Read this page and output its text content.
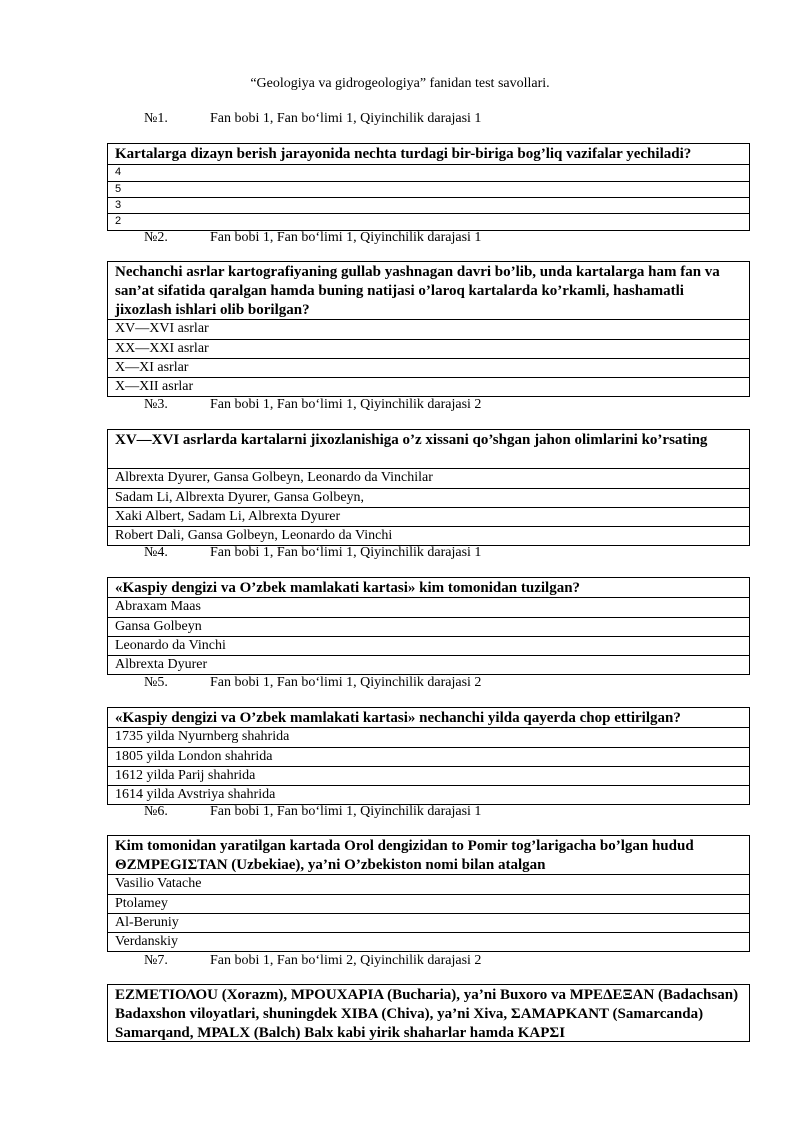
“Geologiya va gidrogeologiya” fanidan test savollari.
№1.	Fan bobi 1, Fan bo‘limi 1, Qiyinchilik darajasi 1
Kartalarga dizayn berish jarayonida nechta turdagi bir-biriga bog’liq vazifalar yechiladi?
4
5
3
2
№2.	Fan bobi 1, Fan bo‘limi 1, Qiyinchilik darajasi 1
Nechanchi asrlar kartografiyaning gullab yashnagan davri bo’lib, unda kartalarga ham fan va san’at sifatida qaralgan hamda buning natijasi o’laroq kartalarda ko’rkamli, hashamatli jixozlash ishlari olib borilgan?
XV—XVI asrlar
XX—XXI asrlar
X—XI asrlar
X—XII asrlar
№3.	Fan bobi 1, Fan bo‘limi 1, Qiyinchilik darajasi 2
XV—XVI asrlarda kartalarni jixozlanishiga o’z xissani qo’shgan jahon olimlarini ko’rsating
Albrexta Dyurer, Gansa Golbeyn, Leonardo da Vinchilar
Sadam Li, Albrexta Dyurer, Gansa Golbeyn,
Xaki Albert, Sadam Li, Albrexta Dyurer
Robert Dali, Gansa Golbeyn, Leonardo da Vinchi
№4.	Fan bobi 1, Fan bo‘limi 1, Qiyinchilik darajasi 1
«Kaspiy dengizi va O’zbek mamlakati kartasi» kim tomonidan tuzilgan?
Abraxam Maas
Gansa Golbeyn
Leonardo da Vinchi
Albrexta Dyurer
№5.	Fan bobi 1, Fan bo‘limi 1, Qiyinchilik darajasi 2
«Kaspiy dengizi va O’zbek mamlakati kartasi» nechanchi yilda qayerda chop ettirilgan?
1735 yilda Nyurnberg shahrida
1805 yilda London shahrida
1612 yilda Parij shahrida
1614 yilda Avstriya shahrida
№6.	Fan bobi 1, Fan bo‘limi 1, Qiyinchilik darajasi 1
Kim tomonidan yaratilgan kartada Orol dengizidan to Pomir tog’larigacha bo’lgan hudud ΘΖΜΡΕGIΣΤΑΝ (Uzbekiae), ya’ni O’zbekiston nomi bilan atalgan
Vasilio Vatache
Ptolamey
Al-Beruniy
Verdanskiy
№7.	Fan bobi 1, Fan bo‘limi 2, Qiyinchilik darajasi 2
ΕΖΜΕΤΙΟΛΟU (Xorazm), ΜΡΟUΧΑΡΙΑ (Bucharia), ya’ni Buxoro va ΜΡΕΔΕΞΑΝ (Badachsan) Badaxshon viloyatlari, shuningdek ΧΙΒΑ (Chiva), ya’ni Xiva, ΣΑΜΑΡΚΑΝΤ (Samarcanda) Samarqand, ΜΡΑLΧ (Balch) Balx kabi yirik shaharlar hamda ΚΑΡΣΙ
